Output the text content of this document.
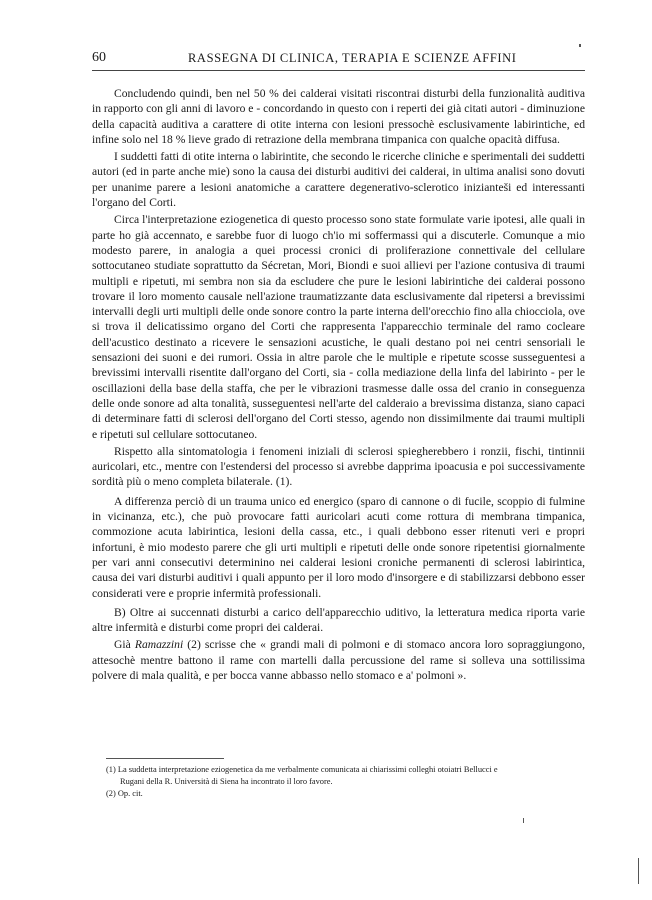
60	RASSEGNA DI CLINICA, TERAPIA E SCIENZE AFFINI

Concludendo quindi, ben nel 50 % dei calderai visitati riscontrai disturbi della funzionalità auditiva in rapporto con gli anni di lavoro e - concordando in questo con i reperti dei già citati autori - diminuzione della capacità auditiva a carattere di otite interna con lesioni pressochè esclusivamente labirintiche, ed infine solo nel 18 % lieve grado di retrazione della membrana timpanica con qualche opacità diffusa.

I suddetti fatti di otite interna o labirintite, che secondo le ricerche cliniche e sperimentali dei suddetti autori (ed in parte anche mie) sono la causa dei disturbi auditivi dei calderai, in ultima analisi sono dovuti per unanime parere a lesioni anatomiche a carattere degenerativo-sclerotico inizianteši ed interessanti l'organo del Corti.

Circa l'interpretazione eziogenetica di questo processo sono state formulate varie ipotesi, alle quali in parte ho già accennato, e sarebbe fuor di luogo ch'io mi soffermassi qui a discuterle. Comunque a mio modesto parere, in analogia a quei processi cronici di proliferazione connettivale del cellulare sottocutaneo studiate soprattutto da Sécretan, Mori, Biondi e suoi allievi per l'azione contusiva di traumi multipli e ripetuti, mi sembra non sia da escludere che pure le lesioni labirintiche dei calderai possono trovare il loro momento causale nell'azione traumatizzante data esclusivamente dal ripetersi a brevissimi intervalli degli urti multipli delle onde sonore contro la parte interna dell'orecchio fino alla chiocciola, ove si trova il delicatissimo organo del Corti che rappresenta l'apparecchio terminale del ramo cocleare dell'acustico destinato a ricevere le sensazioni acustiche, le quali destano poi nei centri sensoriali le sensazioni dei suoni e dei rumori. Ossia in altre parole che le multiple e ripetute scosse susseguentesi a brevissimi intervalli risentite dall'organo del Corti, sia - colla mediazione della linfa del labirinto - per le oscillazioni della base della staffa, che per le vibrazioni trasmesse dalle ossa del cranio in conseguenza delle onde sonore ad alta tonalità, susseguentesi nell'arte del calderaio a brevissima distanza, siano capaci di determinare fatti di sclerosi dell'organo del Corti stesso, agendo non dissimilmente dai traumi multipli e ripetuti sul cellulare sottocutaneo.

Rispetto alla sintomatologia i fenomeni iniziali di sclerosi spiegherebbero i ronzii, fischi, tintinnii auricolari, etc., mentre con l'estendersi del processo si avrebbe dapprima ipoacusia e poi successivamente sordità più o meno completa bilaterale. (1).

A differenza perciò di un trauma unico ed energico (sparo di cannone o di fucile, scoppio di fulmine in vicinanza, etc.), che può provocare fatti auricolari acuti come rottura di membrana timpanica, commozione acuta labirintica, lesioni della cassa, etc., i quali debbono esser ritenuti veri e propri infortuni, è mio modesto parere che gli urti multipli e ripetuti delle onde sonore ripetentisi giornalmente per vari anni consecutivi determinino nei calderai lesioni croniche permanenti di sclerosi labirintica, causa dei vari disturbi auditivi i quali appunto per il loro modo d'insorgere e di stabilizzarsi debbono esser considerati vere e proprie infermità professionali.

B) Oltre ai succennati disturbi a carico dell'apparecchio uditivo, la letteratura medica riporta varie altre infermità e disturbi come propri dei calderai.

Già Ramazzini (2) scrisse che « grandi mali di polmoni e di stomaco ancora loro sopraggiungono, attesochè mentre battono il rame con martelli dalla percussione del rame si solleva una sottilissima polvere di mala qualità, e per bocca vanne abbasso nello stomaco e a' polmoni ».

(1) La suddetta interpretazione eziogenetica da me verbalmente comunicata ai chiarissimi colleghi otoiatri Bellucci e
Rugani della R. Università di Siena ha incontrato il loro favore.

(2) Op. cit.
